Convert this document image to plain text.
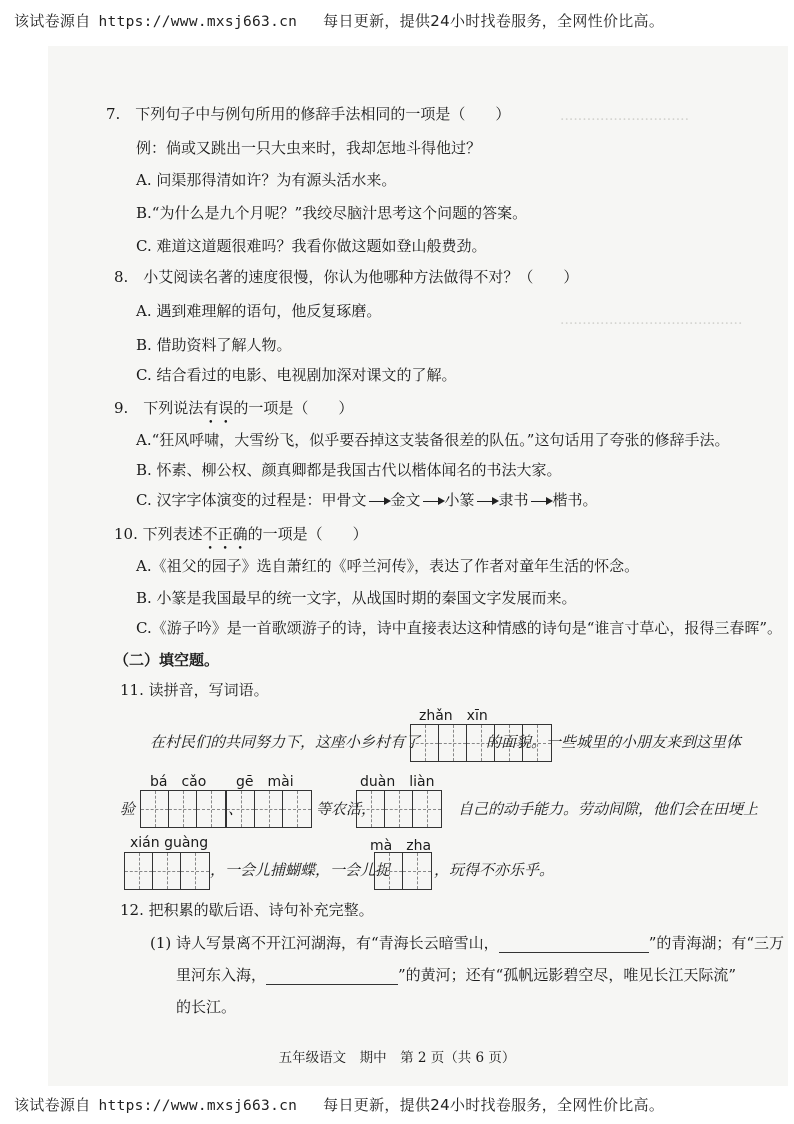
该试卷源自 https://www.mxsj663.cn 每日更新，提供24小时找卷服务，全网性价比高。
·····························
·········································
7.　下列句子中与例句所用的修辞手法相同的一项是（　　）
例：倘或又跳出一只大虫来时，我却怎地斗得他过？
A. 问渠那得清如许？为有源头活水来。
B.“为什么是九个月呢？”我绞尽脑汁思考这个问题的答案。
C. 难道这道题很难吗？我看你做这题如登山般费劲。
8.　小艾阅读名著的速度很慢，你认为他哪种方法做得不对？（　　）
A. 遇到难理解的语句，他反复琢磨。
B. 借助资料了解人物。
C. 结合看过的电影、电视剧加深对课文的了解。
9.　下列说法有误的一项是（　　）
A.“狂风呼啸，大雪纷飞，似乎要吞掉这支装备很差的队伍。”这句话用了夸张的修辞手法。
B. 怀素、柳公权、颜真卿都是我国古代以楷体闻名的书法大家。
C. 汉字字体演变的过程是：甲骨文 金文 小篆 隶书 楷书。
10. 下列表述不正确的一项是（　　）
A.《祖父的园子》选自萧红的《呼兰河传》，表达了作者对童年生活的怀念。
B. 小篆是我国最早的统一文字，从战国时期的秦国文字发展而来。
C.《游子吟》是一首歌颂游子的诗，诗中直接表达这种情感的诗句是“谁言寸草心，报得三春晖”。
（二）填空题。
11. 读拼音，写词语。
zhǎn　xīn
在村民们的共同努力下，这座小乡村有了	的面貌。一些城里的小朋友来到这里体
bá　cǎo gē　mài	duàn　liàn
验	、	等农活，	自己的动手能力。劳动间隙，他们会在田埂上
xián guàng	mà　zha
，一会儿捕蝴蝶，一会儿捉	，玩得不亦乐乎。
12. 把积累的歇后语、诗句补充完整。
(1) 诗人写景离不开江河湖海，有“青海长云暗雪山，	”的青海湖；有“三万
里河东入海，	”的黄河；还有“孤帆远影碧空尽，唯见长江天际流”
的长江。
五年级语文　期中　第 2 页（共 6 页）
该试卷源自 https://www.mxsj663.cn 每日更新，提供24小时找卷服务，全网性价比高。
